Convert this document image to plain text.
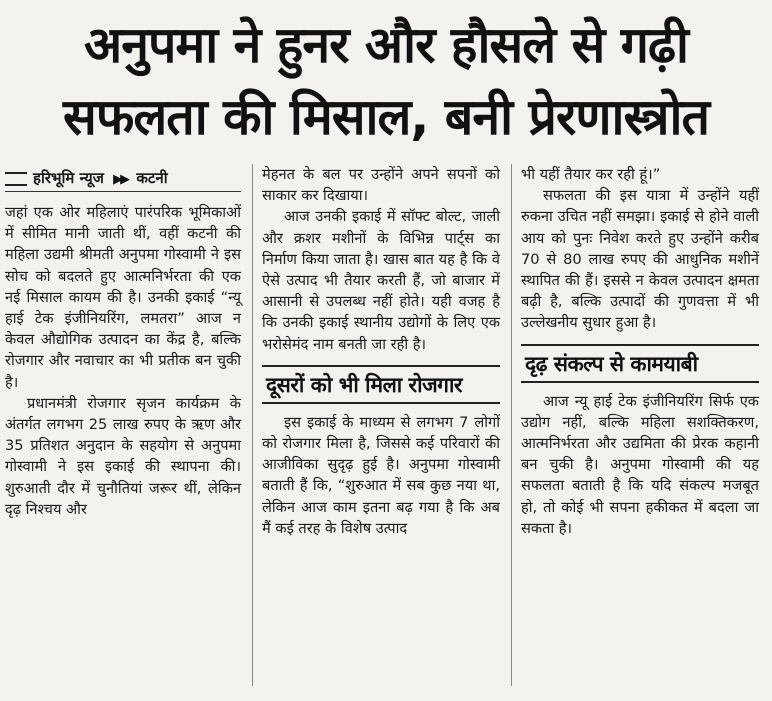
अनुपमा ने हुनर और हौसले से गढ़ी
सफलता की मिसाल, बनी प्रेरणास्त्रोत
हरिभूमि न्यूज ▶▶ कटनी

जहां एक ओर महिलाएं पारंपरिक भूमिकाओं में सीमित मानी जाती थीं, वहीं कटनी की महिला उद्यमी श्रीमती अनुपमा गोस्वामी ने इस सोच को बदलते हुए आत्मनिर्भरता की एक नई मिसाल कायम की है। उनकी इकाई “न्यू हाई टेक इंजीनियरिंग, लमतरा” आज न केवल औद्योगिक उत्पादन का केंद्र है, बल्कि रोजगार और नवाचार का भी प्रतीक बन चुकी है।

प्रधानमंत्री रोजगार सृजन कार्यक्रम के अंतर्गत लगभग 25 लाख रुपए के ऋण और 35 प्रतिशत अनुदान के सहयोग से अनुपमा गोस्वामी ने इस इकाई की स्थापना की। शुरुआती दौर में चुनौतियां जरूर थीं, लेकिन दृढ़ निश्चय और

मेहनत के बल पर उन्होंने अपने सपनों को साकार कर दिखाया।

आज उनकी इकाई में सॉफ्ट बोल्ट, जाली और क्रशर मशीनों के विभिन्न पार्ट्स का निर्माण किया जाता है। खास बात यह है कि वे ऐसे उत्पाद भी तैयार करती हैं, जो बाजार में आसानी से उपलब्ध नहीं होते। यही वजह है कि उनकी इकाई स्थानीय उद्योगों के लिए एक भरोसेमंद नाम बनती जा रही है।

दूसरों को भी मिला रोजगार

इस इकाई के माध्यम से लगभग 7 लोगों को रोजगार मिला है, जिससे कई परिवारों की आजीविका सुदृढ़ हुई है। अनुपमा गोस्वामी बताती हैं कि, “शुरुआत में सब कुछ नया था, लेकिन आज काम इतना बढ़ गया है कि अब मैं कई तरह के विशेष उत्पाद

भी यहीं तैयार कर रही हूं।”

सफलता की इस यात्रा में उन्होंने यहीं रुकना उचित नहीं समझा। इकाई से होने वाली आय को पुनः निवेश करते हुए उन्होंने करीब 70 से 80 लाख रुपए की आधुनिक मशीनें स्थापित की हैं। इससे न केवल उत्पादन क्षमता बढ़ी है, बल्कि उत्पादों की गुणवत्ता में भी उल्लेखनीय सुधार हुआ है।

दृढ़ संकल्प से कामयाबी

आज न्यू हाई टेक इंजीनियरिंग सिर्फ एक उद्योग नहीं, बल्कि महिला सशक्तिकरण, आत्मनिर्भरता और उद्यमिता की प्रेरक कहानी बन चुकी है। अनुपमा गोस्वामी की यह सफलता बताती है कि यदि संकल्प मजबूत हो, तो कोई भी सपना हकीकत में बदला जा सकता है।
